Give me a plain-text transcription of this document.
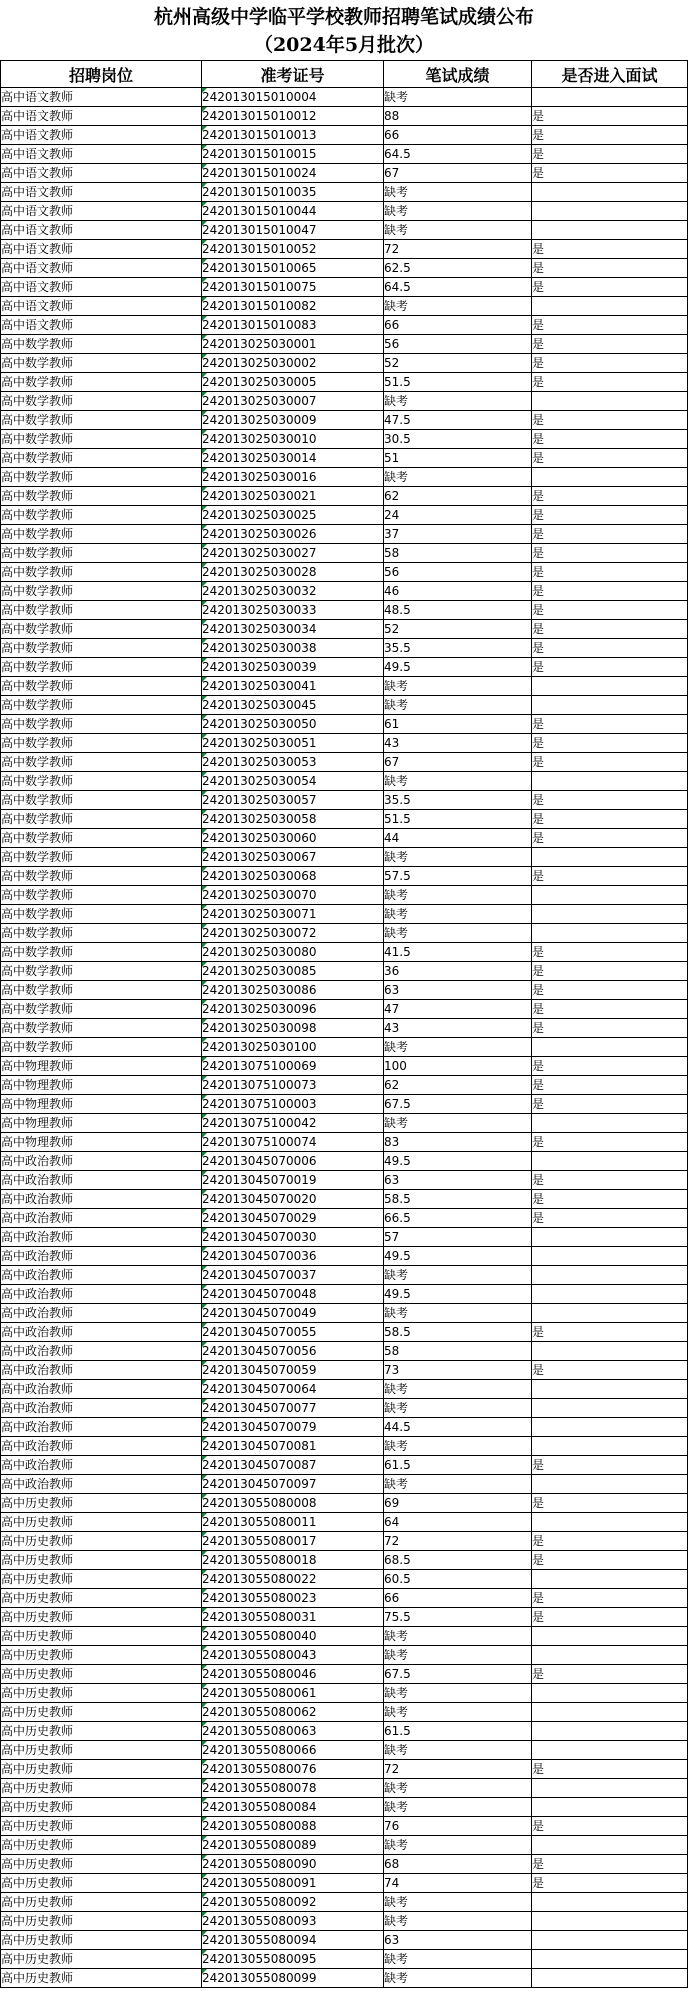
杭州高级中学临平学校教师招聘笔试成绩公布
（2024年5月批次）
招聘岗位	准考证号	笔试成绩	是否进入面试
高中语文教师	242013015010004	缺考	
高中语文教师	242013015010012	88	是
高中语文教师	242013015010013	66	是
高中语文教师	242013015010015	64.5	是
高中语文教师	242013015010024	67	是
高中语文教师	242013015010035	缺考	
高中语文教师	242013015010044	缺考	
高中语文教师	242013015010047	缺考	
高中语文教师	242013015010052	72	是
高中语文教师	242013015010065	62.5	是
高中语文教师	242013015010075	64.5	是
高中语文教师	242013015010082	缺考	
高中语文教师	242013015010083	66	是
高中数学教师	242013025030001	56	是
高中数学教师	242013025030002	52	是
高中数学教师	242013025030005	51.5	是
高中数学教师	242013025030007	缺考	
高中数学教师	242013025030009	47.5	是
高中数学教师	242013025030010	30.5	是
高中数学教师	242013025030014	51	是
高中数学教师	242013025030016	缺考	
高中数学教师	242013025030021	62	是
高中数学教师	242013025030025	24	是
高中数学教师	242013025030026	37	是
高中数学教师	242013025030027	58	是
高中数学教师	242013025030028	56	是
高中数学教师	242013025030032	46	是
高中数学教师	242013025030033	48.5	是
高中数学教师	242013025030034	52	是
高中数学教师	242013025030038	35.5	是
高中数学教师	242013025030039	49.5	是
高中数学教师	242013025030041	缺考	
高中数学教师	242013025030045	缺考	
高中数学教师	242013025030050	61	是
高中数学教师	242013025030051	43	是
高中数学教师	242013025030053	67	是
高中数学教师	242013025030054	缺考	
高中数学教师	242013025030057	35.5	是
高中数学教师	242013025030058	51.5	是
高中数学教师	242013025030060	44	是
高中数学教师	242013025030067	缺考	
高中数学教师	242013025030068	57.5	是
高中数学教师	242013025030070	缺考	
高中数学教师	242013025030071	缺考	
高中数学教师	242013025030072	缺考	
高中数学教师	242013025030080	41.5	是
高中数学教师	242013025030085	36	是
高中数学教师	242013025030086	63	是
高中数学教师	242013025030096	47	是
高中数学教师	242013025030098	43	是
高中数学教师	242013025030100	缺考	
高中物理教师	242013075100069	100	是
高中物理教师	242013075100073	62	是
高中物理教师	242013075100003	67.5	是
高中物理教师	242013075100042	缺考	
高中物理教师	242013075100074	83	是
高中政治教师	242013045070006	49.5	
高中政治教师	242013045070019	63	是
高中政治教师	242013045070020	58.5	是
高中政治教师	242013045070029	66.5	是
高中政治教师	242013045070030	57	
高中政治教师	242013045070036	49.5	
高中政治教师	242013045070037	缺考	
高中政治教师	242013045070048	49.5	
高中政治教师	242013045070049	缺考	
高中政治教师	242013045070055	58.5	是
高中政治教师	242013045070056	58	
高中政治教师	242013045070059	73	是
高中政治教师	242013045070064	缺考	
高中政治教师	242013045070077	缺考	
高中政治教师	242013045070079	44.5	
高中政治教师	242013045070081	缺考	
高中政治教师	242013045070087	61.5	是
高中政治教师	242013045070097	缺考	
高中历史教师	242013055080008	69	是
高中历史教师	242013055080011	64	
高中历史教师	242013055080017	72	是
高中历史教师	242013055080018	68.5	是
高中历史教师	242013055080022	60.5	
高中历史教师	242013055080023	66	是
高中历史教师	242013055080031	75.5	是
高中历史教师	242013055080040	缺考	
高中历史教师	242013055080043	缺考	
高中历史教师	242013055080046	67.5	是
高中历史教师	242013055080061	缺考	
高中历史教师	242013055080062	缺考	
高中历史教师	242013055080063	61.5	
高中历史教师	242013055080066	缺考	
高中历史教师	242013055080076	72	是
高中历史教师	242013055080078	缺考	
高中历史教师	242013055080084	缺考	
高中历史教师	242013055080088	76	是
高中历史教师	242013055080089	缺考	
高中历史教师	242013055080090	68	是
高中历史教师	242013055080091	74	是
高中历史教师	242013055080092	缺考	
高中历史教师	242013055080093	缺考	
高中历史教师	242013055080094	63	
高中历史教师	242013055080095	缺考	
高中历史教师	242013055080099	缺考	
